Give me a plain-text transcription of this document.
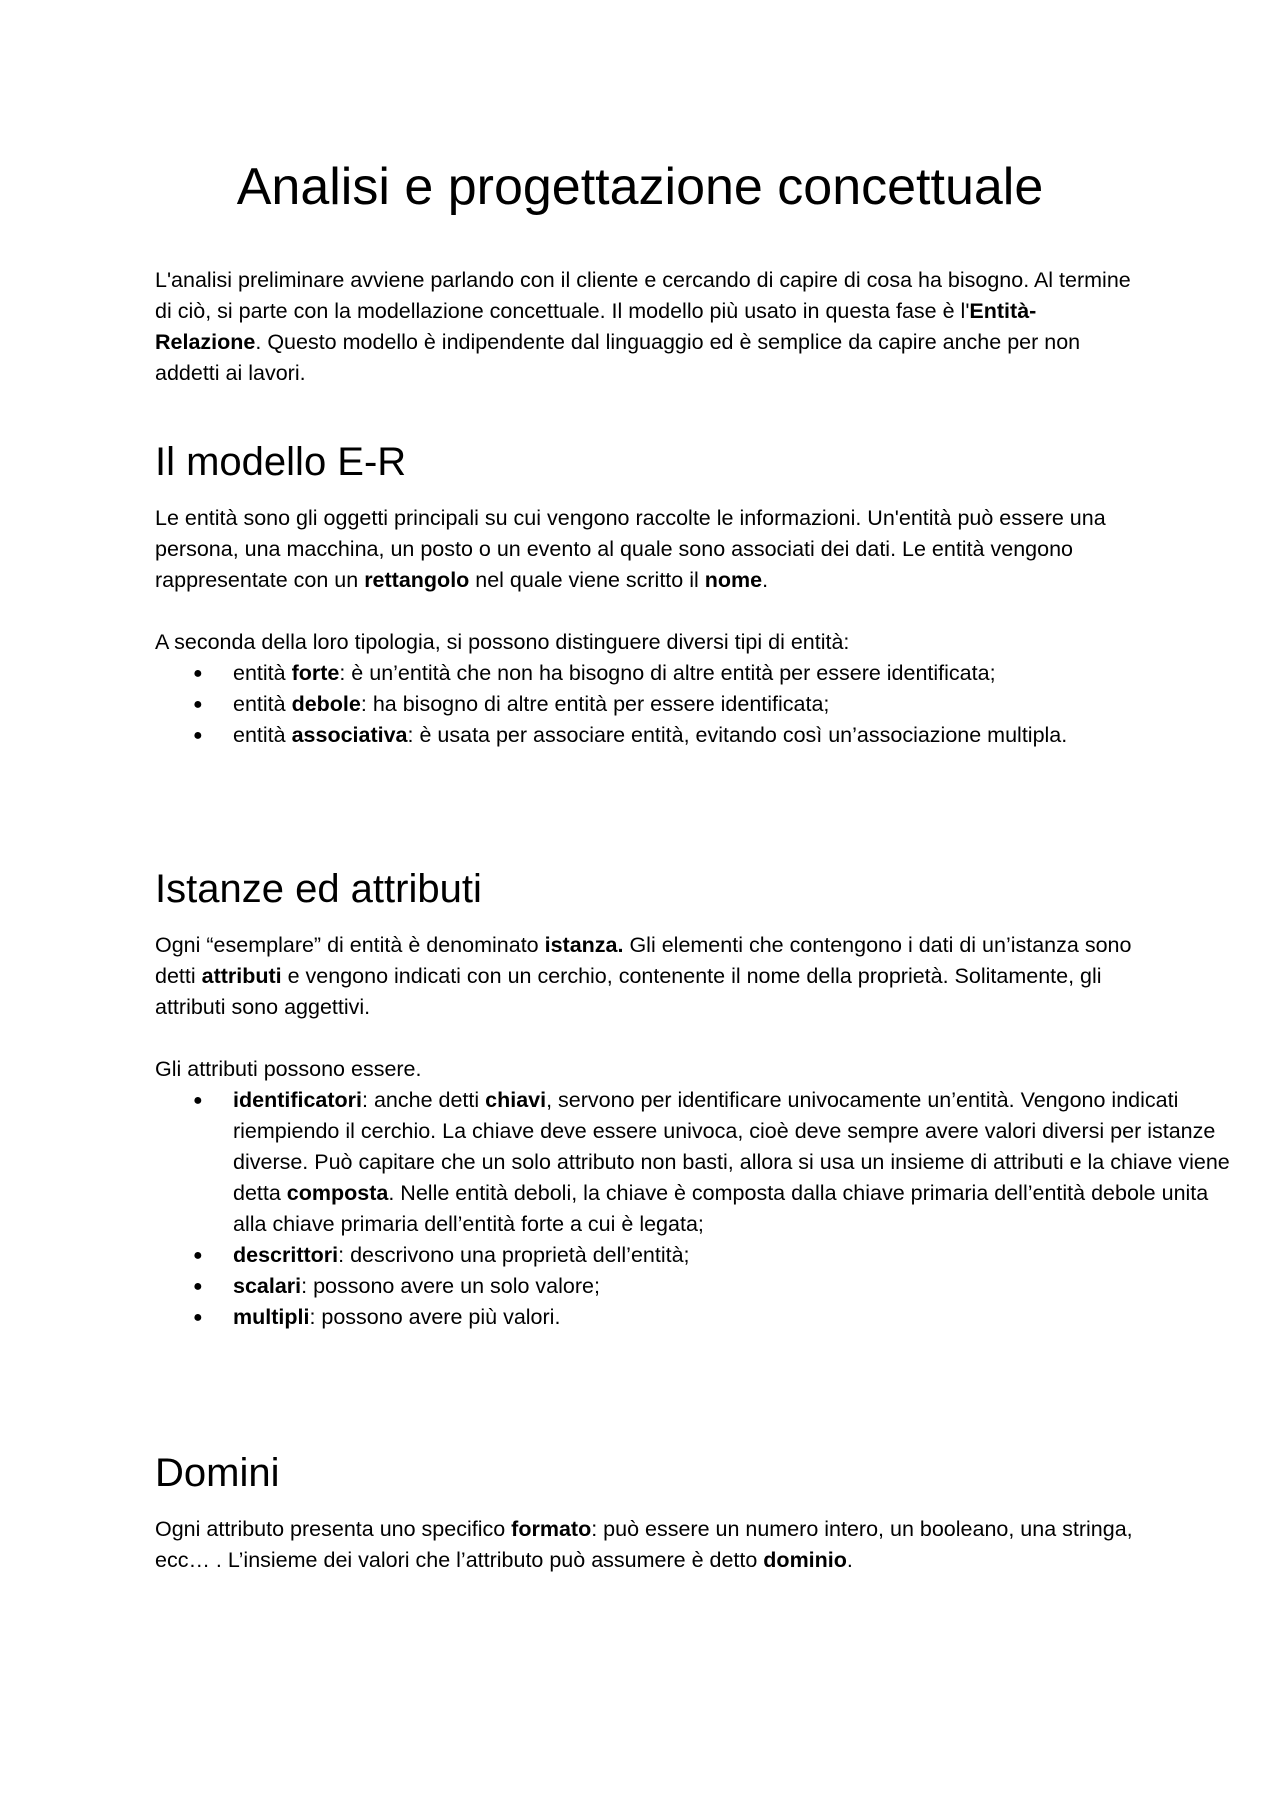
Analisi e progettazione concettuale

L'analisi preliminare avviene parlando con il cliente e cercando di capire di cosa ha bisogno. Al termine di ciò, si parte con la modellazione concettuale. Il modello più usato in questa fase è l'Entità-Relazione. Questo modello è indipendente dal linguaggio ed è semplice da capire anche per non addetti ai lavori.

Il modello E-R

Le entità sono gli oggetti principali su cui vengono raccolte le informazioni. Un'entità può essere una persona, una macchina, un posto o un evento al quale sono associati dei dati. Le entità vengono rappresentate con un rettangolo nel quale viene scritto il nome.

A seconda della loro tipologia, si possono distinguere diversi tipi di entità:

● entità forte: è un’entità che non ha bisogno di altre entità per essere identificata;
● entità debole: ha bisogno di altre entità per essere identificata;
● entità associativa: è usata per associare entità, evitando così un’associazione multipla.
Istanze ed attributi

Ogni “esemplare” di entità è denominato istanza. Gli elementi che contengono i dati di un’istanza sono detti attributi e vengono indicati con un cerchio, contenente il nome della proprietà. Solitamente, gli attributi sono aggettivi.

Gli attributi possono essere.

● identificatori: anche detti chiavi, servono per identificare univocamente un’entità. Vengono indicati riempiendo il cerchio. La chiave deve essere univoca, cioè deve sempre avere valori diversi per istanze diverse. Può capitare che un solo attributo non basti, allora si usa un insieme di attributi e la chiave viene detta composta. Nelle entità deboli, la chiave è composta dalla chiave primaria dell’entità debole unita alla chiave primaria dell’entità forte a cui è legata;
● descrittori: descrivono una proprietà dell’entità;
● scalari: possono avere un solo valore;
● multipli: possono avere più valori.
Domini

Ogni attributo presenta uno specifico formato: può essere un numero intero, un booleano, una stringa, ecc… . L’insieme dei valori che l’attributo può assumere è detto dominio.
